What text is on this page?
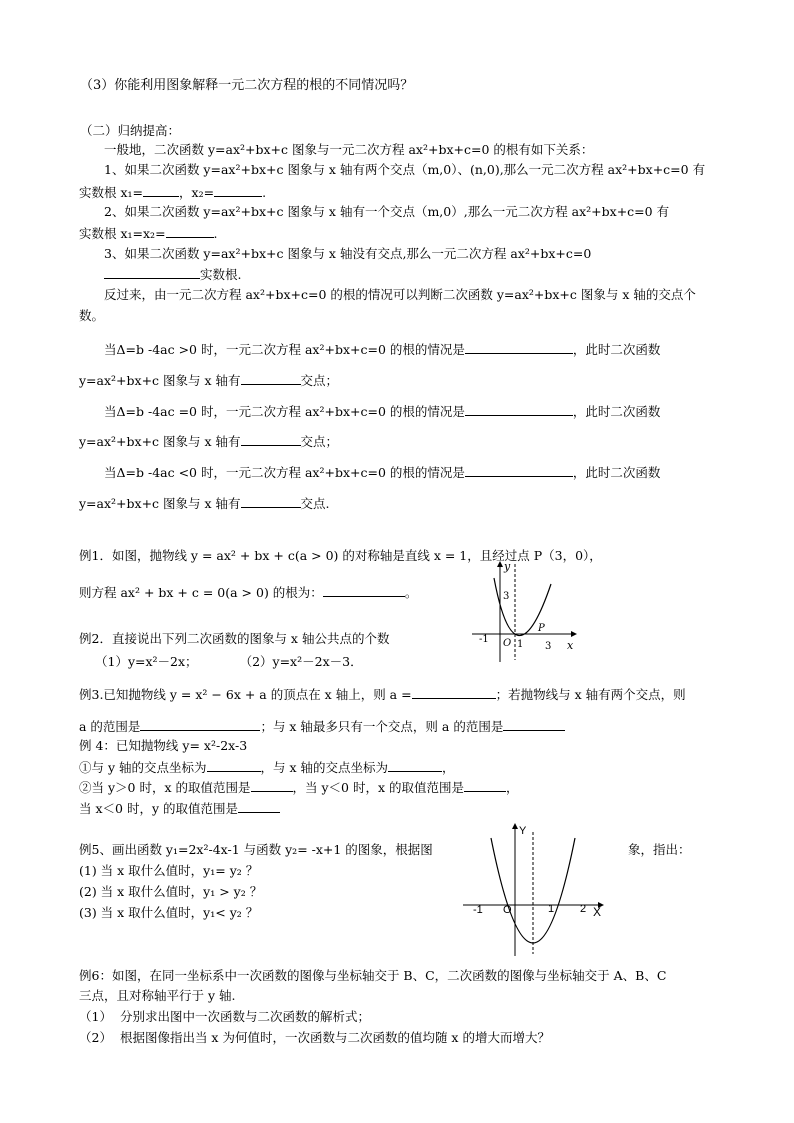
（3）你能利用图象解释一元二次方程的根的不同情况吗？
（二）归纳提高：
一般地，二次函数 y=ax²+bx+c 图象与一元二次方程 ax²+bx+c=0 的根有如下关系：
1、如果二次函数 y=ax²+bx+c 图象与 x 轴有两个交点（m,0）、(n,0),那么一元二次方程 ax²+bx+c=0 有
实数根 x₁=	，x₂=	.
2、如果二次函数 y=ax²+bx+c 图象与 x 轴有一个交点（m,0）,那么一元二次方程 ax²+bx+c=0 有
实数根 x₁=x₂=	.
3、如果二次函数 y=ax²+bx+c 图象与 x 轴没有交点,那么一元二次方程 ax²+bx+c=0
实数根.
反过来，由一元二次方程 ax²+bx+c=0 的根的情况可以判断二次函数 y=ax²+bx+c 图象与 x 轴的交点个
数。
当Δ=b -4ac >0 时，一元二次方程 ax²+bx+c=0 的根的情况是	，此时二次函数
y=ax²+bx+c 图象与 x 轴有	交点；
当Δ=b -4ac =0 时，一元二次方程 ax²+bx+c=0 的根的情况是	，此时二次函数
y=ax²+bx+c 图象与 x 轴有	交点；
当Δ=b -4ac <0 时，一元二次方程 ax²+bx+c=0 的根的情况是	，此时二次函数
y=ax²+bx+c 图象与 x 轴有	交点.
例1．如图，抛物线 y = ax² + bx + c(a > 0) 的对称轴是直线 x = 1，且经过点 P（3，0），
则方程 ax² + bx + c = 0(a > 0) 的根为：	。
y
x
O 1 3
-1
3
P
例2．直接说出下列二次函数的图象与 x 轴公共点的个数
（1）y=x²－2x；	（2）y=x²－2x－3．
例3.已知抛物线 y = x² − 6x + a 的顶点在 x 轴上，则 a =	；若抛物线与 x 轴有两个交点，则
a 的范围是	；与 x 轴最多只有一个交点，则 a 的范围是
例 4：已知抛物线 y= x²-2x-3
①与 y 轴的交点坐标为	，与 x 轴的交点坐标为	，
②当 y＞0 时，x 的取值范围是	，当 y＜0 时，x 的取值范围是	，
当 x＜0 时，y 的取值范围是
例5、画出函数 y₁=2x²-4x-1 与函数 y₂= -x+1 的图象，根据图	象，指出：
(1) 当 x 取什么值时，y₁= y₂ ？
(2) 当 x 取什么值时，y₁ > y₂ ？
(3) 当 x 取什么值时，y₁< y₂ ？
Y
X
O
-1	1 2
例6：如图，在同一坐标系中一次函数的图像与坐标轴交于 B、C，二次函数的图像与坐标轴交于 A、B、C
三点，且对称轴平行于 y 轴.
（1） 分别求出图中一次函数与二次函数的解析式；
（2） 根据图像指出当 x 为何值时，一次函数与二次函数的值均随 x 的增大而增大？
